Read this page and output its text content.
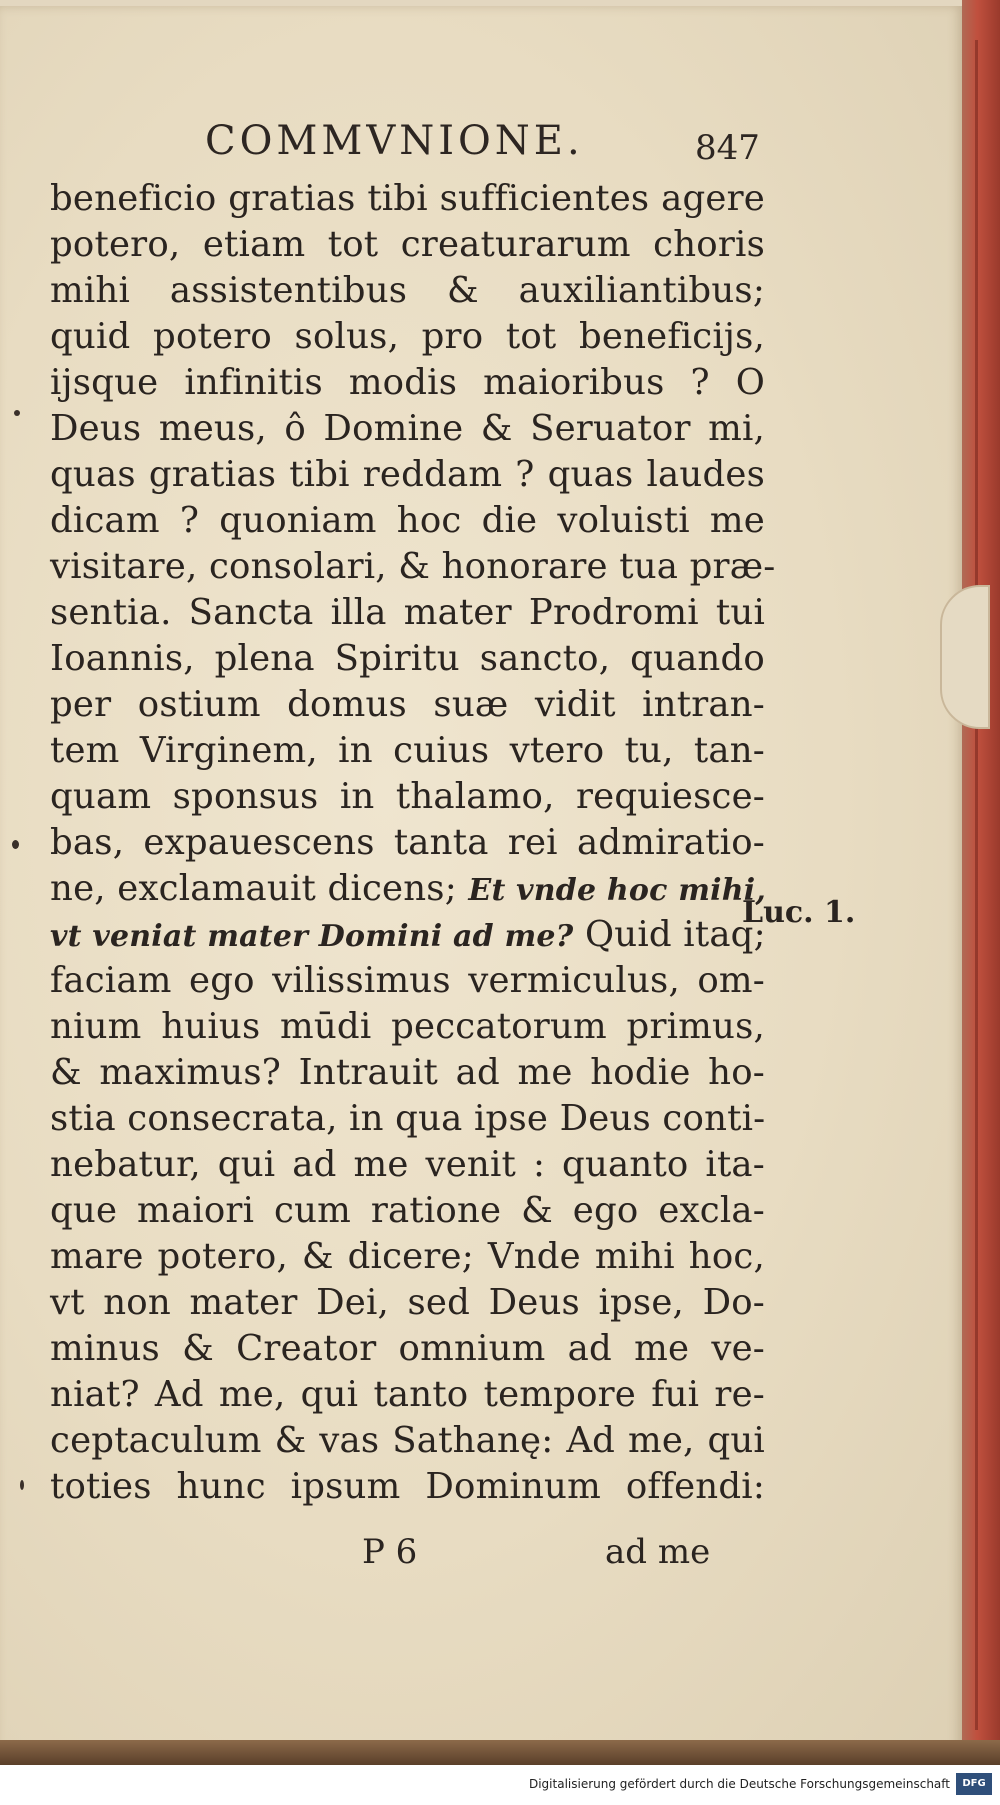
COMMVNIONE.	847
beneficio gratias tibi sufficientes agere
potero, etiam tot creaturarum choris
mihi assistentibus & auxiliantibus;
quid potero solus, pro tot beneficijs,
ijsque infinitis modis maioribus ? O
Deus meus, ô Domine & Seruator mi,
quas gratias tibi reddam ? quas laudes
dicam ? quoniam hoc die voluisti me
visitare, consolari, & honorare tua præ-
sentia. Sancta illa mater Prodromi tui
Ioannis, plena Spiritu sancto, quando
per ostium domus suæ vidit intran-
tem Virginem, in cuius vtero tu, tan-
quam sponsus in thalamo, requiesce-
bas, expauescens tanta rei admiratio-
ne, exclamauit dicens; Et vnde hoc mihi,
vt veniat mater Domini ad me? Quid itaq;
faciam ego vilissimus vermiculus, om-
nium huius mūdi peccatorum primus,
& maximus? Intrauit ad me hodie ho-
stia consecrata, in qua ipse Deus conti-
nebatur, qui ad me venit : quanto ita-
que maiori cum ratione & ego excla-
mare potero, & dicere; Vnde mihi hoc,
vt non mater Dei, sed Deus ipse, Do-
minus & Creator omnium ad me ve-
niat? Ad me, qui tanto tempore fui re-
ceptaculum & vas Sathanę: Ad me, qui
toties hunc ipsum Dominum offendi:
Luc. 1.
P 6	ad me
Digitalisierung gefördert durch die Deutsche Forschungsgemeinschaft	DFG
